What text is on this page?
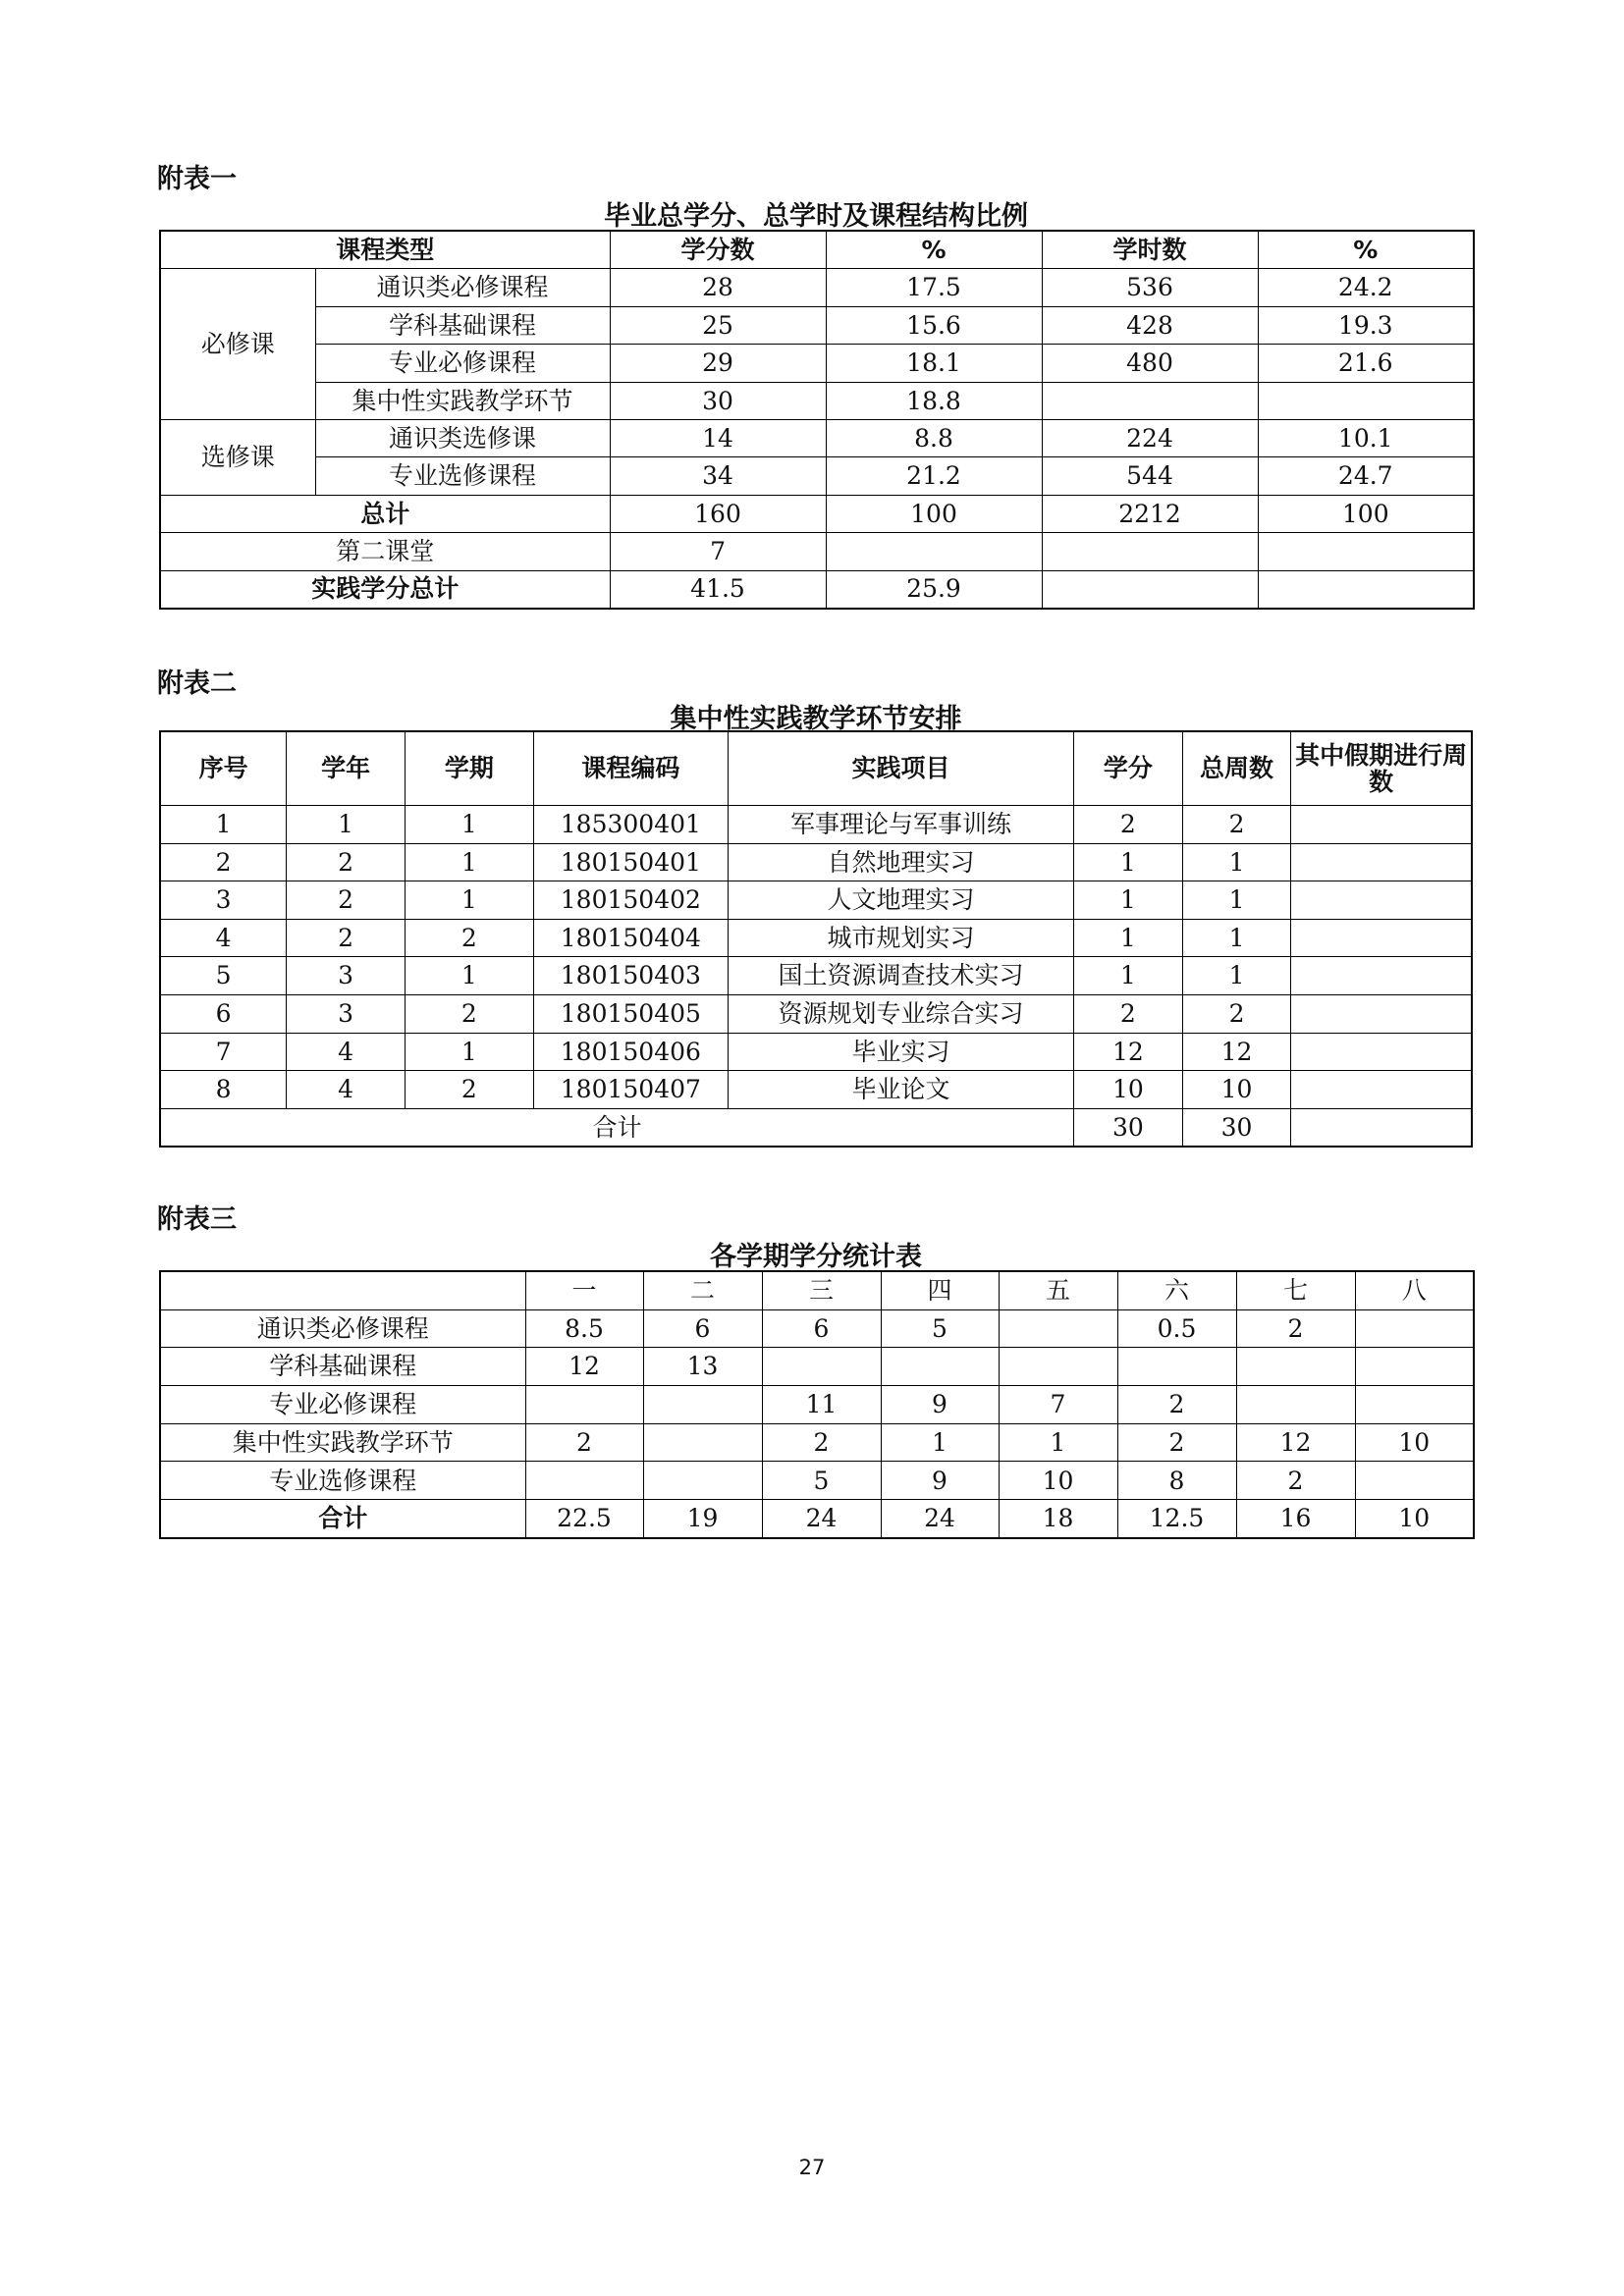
附表一
毕业总学分、总学时及课程结构比例
课程类型		学分数	%	学时数	%
必修课	通识类必修课程	28	17.5	536	24.2
	学科基础课程	25	15.6	428	19.3
	专业必修课程	29	18.1	480	21.6
	集中性实践教学环节	30	18.8		
选修课	通识类选修课	14	8.8	224	10.1
	专业选修课程	34	21.2	544	24.7
总计		160	100	2212	100
第二课堂		7			
实践学分总计		41.5	25.9		
附表二
集中性实践教学环节安排
序号	学年	学期	课程编码	实践项目	学分	总周数	其中假期进行周数
1	1	1	185300401	军事理论与军事训练	2	2	
2	2	1	180150401	自然地理实习	1	1	
3	2	1	180150402	人文地理实习	1	1	
4	2	2	180150404	城市规划实习	1	1	
5	3	1	180150403	国土资源调查技术实习	1	1	
6	3	2	180150405	资源规划专业综合实习	2	2	
7	4	1	180150406	毕业实习	12	12	
8	4	2	180150407	毕业论文	10	10	
合计					30	30	
附表三
各学期学分统计表
	一	二	三	四	五	六	七	八
通识类必修课程	8.5	6	6	5		0.5	2	
学科基础课程	12	13						
专业必修课程			11	9	7	2		
集中性实践教学环节	2		2	1	1	2	12	10
专业选修课程			5	9	10	8	2	
合计	22.5	19	24	24	18	12.5	16	10
27
